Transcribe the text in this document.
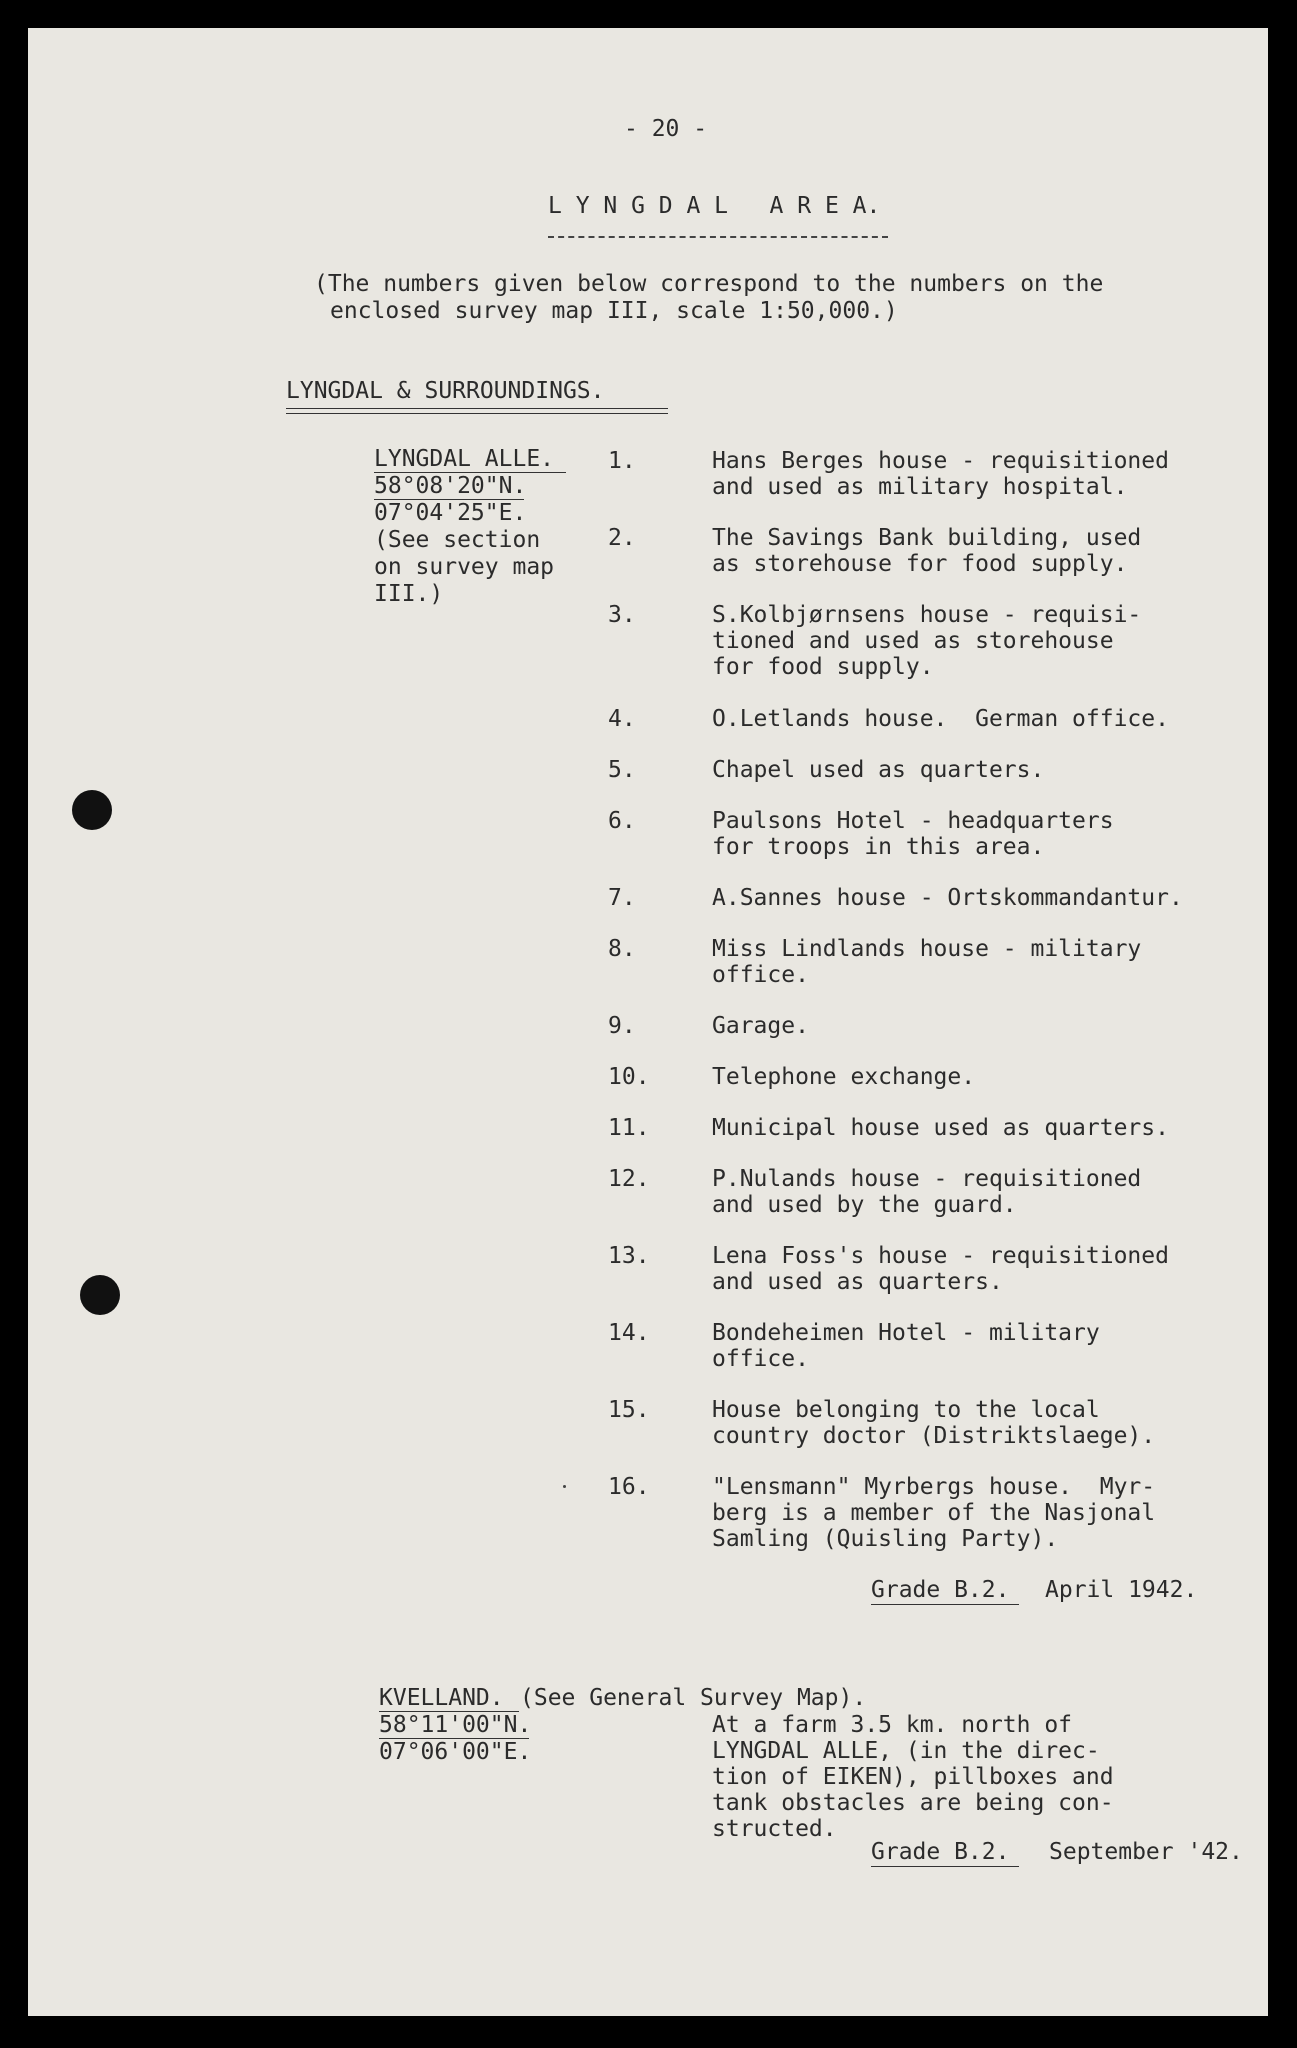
- 20 -
L Y N G D A L   A R E A.
(The numbers given below correspond to the numbers on the
enclosed survey map III, scale 1:50,000.)
LYNGDAL & SURROUNDINGS.
LYNGDAL ALLE.
58°08'20"N.
07°04'25"E.
(See section
on survey map
III.)
1.	Hans Berges house - requisitioned
and used as military hospital.
2.	The Savings Bank building, used
as storehouse for food supply.
3.	S.Kolbjørnsens house - requisi-
tioned and used as storehouse
for food supply.
4.	O.Letlands house.  German office.
5.	Chapel used as quarters.
6.	Paulsons Hotel - headquarters
for troops in this area.
7.	A.Sannes house - Ortskommandantur.
8.	Miss Lindlands house - military
office.
9.	Garage.
10.	Telephone exchange.
11.	Municipal house used as quarters.
12.	P.Nulands house - requisitioned
and used by the guard.
13.	Lena Foss's house - requisitioned
and used as quarters.
14.	Bondeheimen Hotel - military
office.
15.	House belonging to the local
country doctor (Distriktslaege).
16.	"Lensmann" Myrbergs house.  Myr-
berg is a member of the Nasjonal
Samling (Quisling Party).
Grade B.2. April 1942.
KVELLAND. (See General Survey Map).
58°11'00"N.
07°06'00"E.
At a farm 3.5 km. north of
LYNGDAL ALLE, (in the direc-
tion of EIKEN), pillboxes and
tank obstacles are being con-
structed.
Grade B.2. September '42.
